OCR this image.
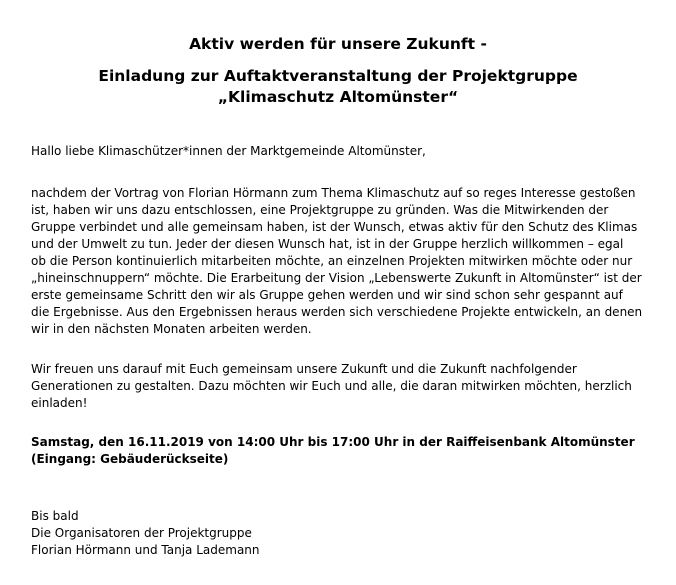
Aktiv werden für unsere Zukunft -
Einladung zur Auftaktveranstaltung der Projektgruppe
„Klimaschutz Altomünster“
Hallo liebe Klimaschützer*innen der Marktgemeinde Altomünster,
nachdem der Vortrag von Florian Hörmann zum Thema Klimaschutz auf so reges Interesse gestoßen
ist, haben wir uns dazu entschlossen, eine Projektgruppe zu gründen. Was die Mitwirkenden der
Gruppe verbindet und alle gemeinsam haben, ist der Wunsch, etwas aktiv für den Schutz des Klimas
und der Umwelt zu tun. Jeder der diesen Wunsch hat, ist in der Gruppe herzlich willkommen – egal
ob die Person kontinuierlich mitarbeiten möchte, an einzelnen Projekten mitwirken möchte oder nur
„hineinschnuppern“ möchte. Die Erarbeitung der Vision „Lebenswerte Zukunft in Altomünster“ ist der
erste gemeinsame Schritt den wir als Gruppe gehen werden und wir sind schon sehr gespannt auf
die Ergebnisse. Aus den Ergebnissen heraus werden sich verschiedene Projekte entwickeln, an denen
wir in den nächsten Monaten arbeiten werden.
Wir freuen uns darauf mit Euch gemeinsam unsere Zukunft und die Zukunft nachfolgender
Generationen zu gestalten. Dazu möchten wir Euch und alle, die daran mitwirken möchten, herzlich
einladen!
Samstag, den 16.11.2019 von 14:00 Uhr bis 17:00 Uhr in der Raiffeisenbank Altomünster
(Eingang: Gebäuderückseite)
Bis bald
Die Organisatoren der Projektgruppe
Florian Hörmann und Tanja Lademann
